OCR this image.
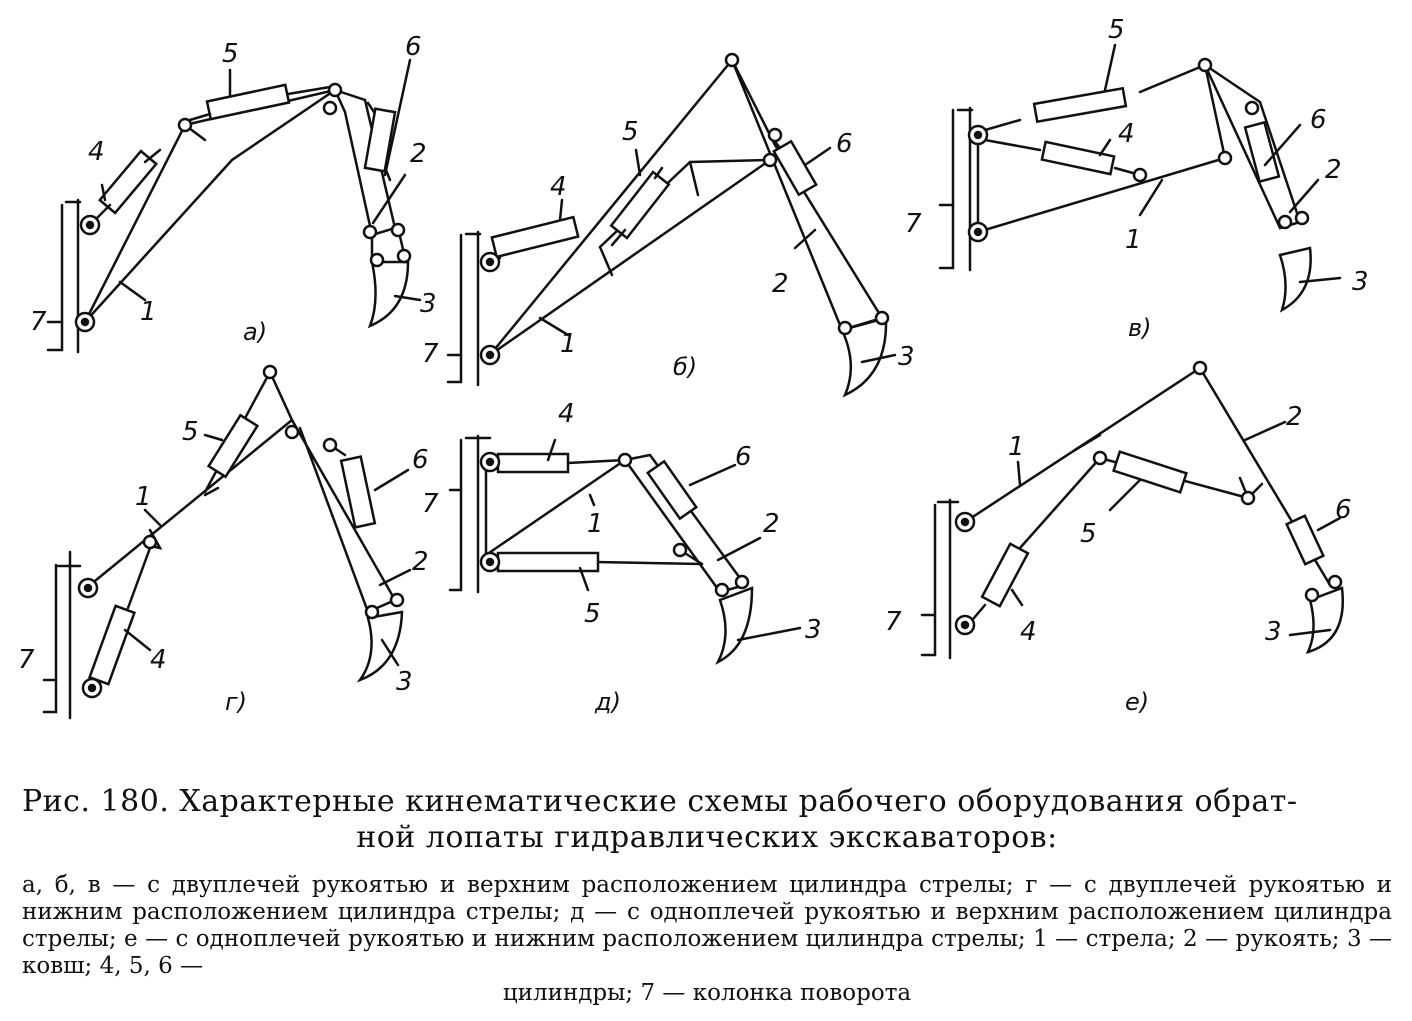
1
2
3
4
5	6
7	а)	1
2
3
4
5	6
7	б)
1
2
3
4
5
6
7
в)
1
2
3
4
5
6
7
г)
1	2
3
4
5
6
7
д)
1
2
3
4
5
6
7
е)
Рис. 180. Характерные кинематические схемы рабочего оборудования обрат-
ной лопаты гидравлических экскаваторов:
а, б, в — с двуплечей рукоятью и верхним расположением цилиндра стрелы; г — с двуплечей рукоятью и нижним расположением цилиндра стрелы; д — с одноплечей рукоятью и верхним расположением цилиндра стрелы; е — с одноплечей рукоятью и нижним расположением цилиндра стрелы; 1 — стрела; 2 — рукоять; 3 — ковш; 4, 5, 6 —
цилиндры; 7 — колонка поворота
